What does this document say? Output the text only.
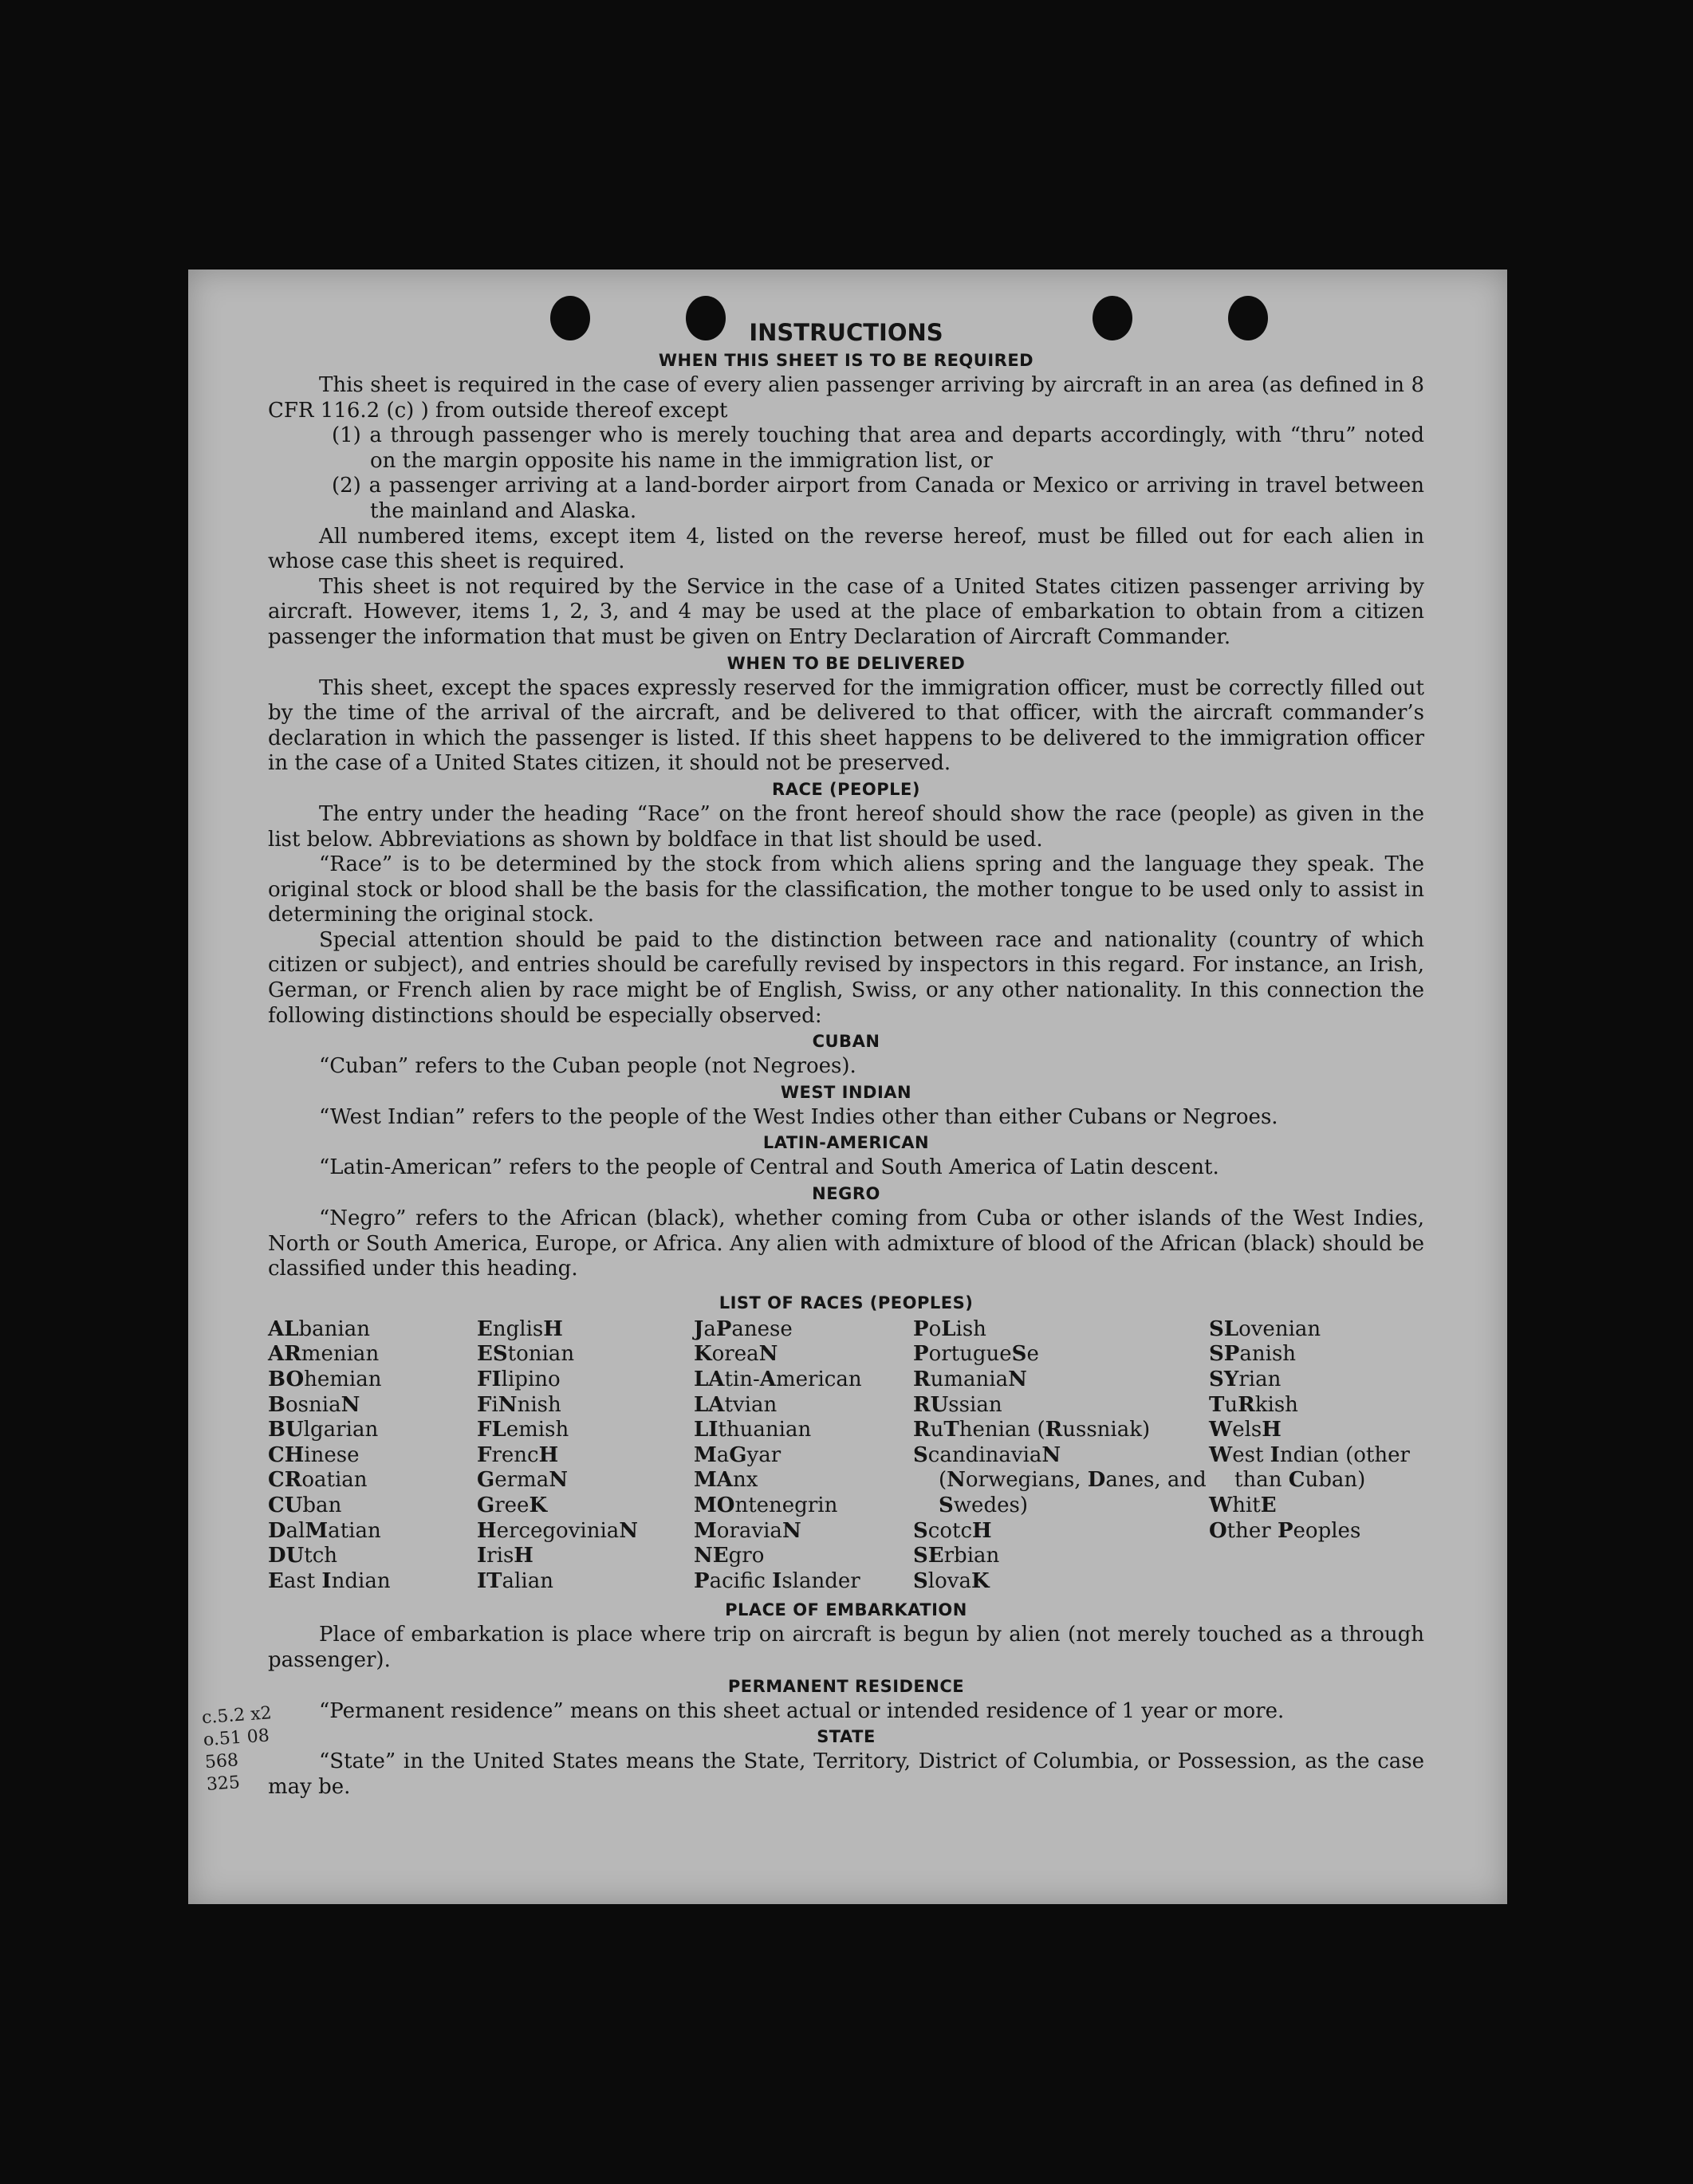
INSTRUCTIONS
WHEN THIS SHEET IS TO BE REQUIRED

This sheet is required in the case of every alien passenger arriving by aircraft in an area (as defined in 8 CFR 116.2 (c) ) from outside thereof except

(1) a through passenger who is merely touching that area and departs accordingly, with “thru” noted on the margin opposite his name in the immigration list, or

(2) a passenger arriving at a land-border airport from Canada or Mexico or arriving in travel between the mainland and Alaska.

All numbered items, except item 4, listed on the reverse hereof, must be filled out for each alien in whose case this sheet is required.

This sheet is not required by the Service in the case of a United States citizen passenger arriving by aircraft. However, items 1, 2, 3, and 4 may be used at the place of embarkation to obtain from a citizen passenger the information that must be given on Entry Declaration of Aircraft Commander.

WHEN TO BE DELIVERED

This sheet, except the spaces expressly reserved for the immigration officer, must be correctly filled out by the time of the arrival of the aircraft, and be delivered to that officer, with the aircraft commander’s declaration in which the passenger is listed. If this sheet happens to be delivered to the immigration officer in the case of a United States citizen, it should not be preserved.

RACE (PEOPLE)

The entry under the heading “Race” on the front hereof should show the race (people) as given in the list below. Abbreviations as shown by boldface in that list should be used.

“Race” is to be determined by the stock from which aliens spring and the language they speak. The original stock or blood shall be the basis for the classification, the mother tongue to be used only to assist in determining the original stock.

Special attention should be paid to the distinction between race and nationality (country of which citizen or subject), and entries should be carefully revised by inspectors in this regard. For instance, an Irish, German, or French alien by race might be of English, Swiss, or any other nationality. In this connection the following distinctions should be especially observed:

CUBAN

“Cuban” refers to the Cuban people (not Negroes).

WEST INDIAN

“West Indian” refers to the people of the West Indies other than either Cubans or Negroes.

LATIN-AMERICAN

“Latin-American” refers to the people of Central and South America of Latin descent.

NEGRO

“Negro” refers to the African (black), whether coming from Cuba or other islands of the West Indies, North or South America, Europe, or Africa. Any alien with admixture of blood of the African (black) should be classified under this heading.

LIST OF RACES (PEOPLES)
ALbanian
ARmenian
BOhemian
BosniaN
BUlgarian
CHinese
CRoatian
CUban
DalMatian
DUtch
East Indian
EnglisH
EStonian
FIlipino
FiNnish
FLemish
FrencH
GermaN
GreeK
HercegoviniaN
IrisH
ITalian
JaPanese
KoreaN
LAtin-American
LAtvian
LIthuanian
MaGyar
MAnx
MOntenegrin
MoraviaN
NEgro
Pacifc Islander
PoLish
PortugueSe
RumaniaN
RUssian
RuThenian (Russniak)
ScandinaviaN (Norwegians, Danes, and Swedes)
ScotcH
SErbian
SlovaK
SLovenian
SPanish
SYrian
TuRkish
WelsH
West Indian (other than Cuban)
WhitE
Other Peoples
PLACE OF EMBARKATION

Place of embarkation is place where trip on aircraft is begun by alien (not merely touched as a through passenger).

PERMANENT RESIDENCE

“Permanent residence” means on this sheet actual or intended residence of 1 year or more.

STATE

“State” in the United States means the State, Territory, District of Columbia, or Possession, as the case may be.

c.5.2 x2
o.51 08
568
325
